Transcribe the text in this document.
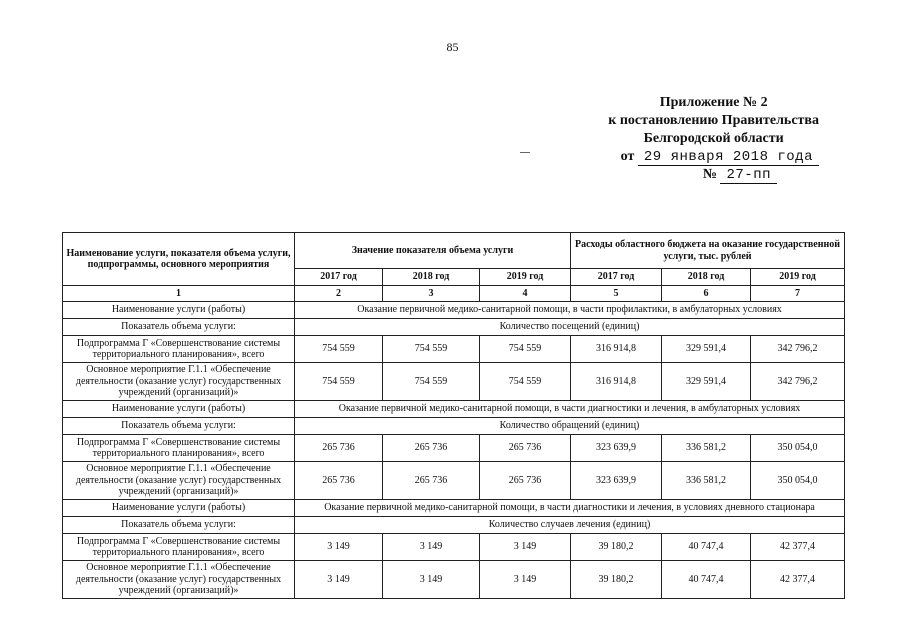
85
Приложение № 2
к постановлению Правительства
Белгородской области
от 29 января 2018 года
№ 27-пп
Наименование услуги, показателя объема услуги, подпрограммы, основного мероприятия	Значение показателя объема услуги			Расходы областного бюджета на оказание государственной услуги, тыс. рублей		
	2017 год	2018 год	2019 год	2017 год	2018 год	2019 год
1	2	3	4	5	6	7
Наименование услуги (работы)	Оказание первичной медико-санитарной помощи, в части профилактики, в амбулаторных условиях					
Показатель объема услуги:	Количество посещений (единиц)					
Подпрограмма Г «Совершенствование системы территориального планирования», всего	754 559	754 559	754 559	316 914,8	329 591,4	342 796,2
Основное мероприятие Г.1.1 «Обеспечение деятельности (оказание услуг) государственных учреждений (организаций)»	754 559	754 559	754 559	316 914,8	329 591,4	342 796,2
Наименование услуги (работы)	Оказание первичной медико-санитарной помощи, в части диагностики и лечения, в амбулаторных условиях					
Показатель объема услуги:	Количество обращений (единиц)					
Подпрограмма Г «Совершенствование системы территориального планирования», всего	265 736	265 736	265 736	323 639,9	336 581,2	350 054,0
Основное мероприятие Г.1.1 «Обеспечение деятельности (оказание услуг) государственных учреждений (организаций)»	265 736	265 736	265 736	323 639,9	336 581,2	350 054,0
Наименование услуги (работы)	Оказание первичной медико-санитарной помощи, в части диагностики и лечения, в условиях дневного стационара					
Показатель объема услуги:	Количество случаев лечения (единиц)					
Подпрограмма Г «Совершенствование системы территориального планирования», всего	3 149	3 149	3 149	39 180,2	40 747,4	42 377,4
Основное мероприятие Г.1.1 «Обеспечение деятельности (оказание услуг) государственных учреждений (организаций)»	3 149	3 149	3 149	39 180,2	40 747,4	42 377,4
